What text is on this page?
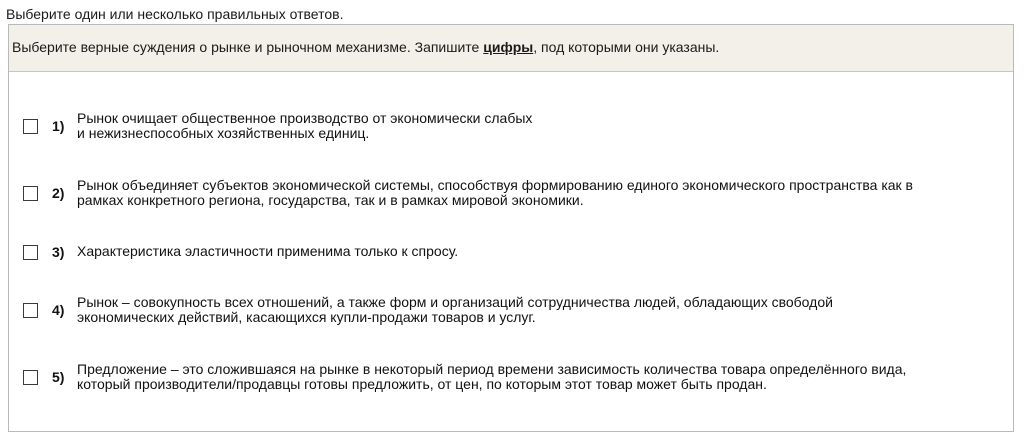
Выберите один или несколько правильных ответов.
Выберите верные суждения о рынке и рыночном механизме. Запишите цифры, под которыми они указаны.
1) Рынок очищает общественное производство от экономически слабых
и нежизнеспособных хозяйственных единиц.
2) Рынок объединяет субъектов экономической системы, способствуя формированию единого экономического пространства как в
рамках конкретного региона, государства, так и в рамках мировой экономики.
3) Характеристика эластичности применима только к спросу.
4) Рынок – совокупность всех отношений, а также форм и организаций сотрудничества людей, обладающих свободой
экономических действий, касающихся купли-продажи товаров и услуг.
5) Предложение – это сложившаяся на рынке в некоторый период времени зависимость количества товара определённого вида,
который производители/продавцы готовы предложить, от цен, по которым этот товар может быть продан.
